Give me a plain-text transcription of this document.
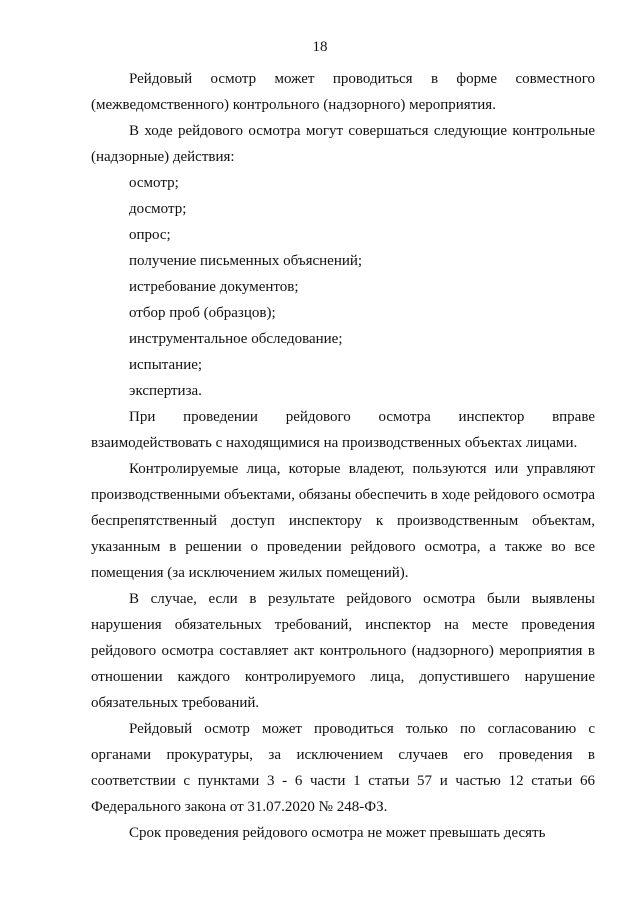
18

Рейдовый осмотр может проводиться в форме совместного (межведомственного) контрольного (надзорного) мероприятия.

В ходе рейдового осмотра могут совершаться следующие контрольные (надзорные) действия:

осмотр;

досмотр;

опрос;

получение письменных объяснений;

истребование документов;

отбор проб (образцов);

инструментальное обследование;

испытание;

экспертиза.

При проведении рейдового осмотра инспектор вправе взаимодействовать с находящимися на производственных объектах лицами.

Контролируемые лица, которые владеют, пользуются или управляют производственными объектами, обязаны обеспечить в ходе рейдового осмотра беспрепятственный доступ инспектору к производственным объектам, указанным в решении о проведении рейдового осмотра, а также во все помещения (за исключением жилых помещений).

В случае, если в результате рейдового осмотра были выявлены нарушения обязательных требований, инспектор на месте проведения рейдового осмотра составляет акт контрольного (надзорного) мероприятия в отношении каждого контролируемого лица, допустившего нарушение обязательных требований.

Рейдовый осмотр может проводиться только по согласованию с органами прокуратуры, за исключением случаев его проведения в соответствии с пунктами 3 - 6 части 1 статьи 57 и частью 12 статьи 66 Федерального закона от 31.07.2020 № 248-ФЗ.

Срок проведения рейдового осмотра не может превышать десять
